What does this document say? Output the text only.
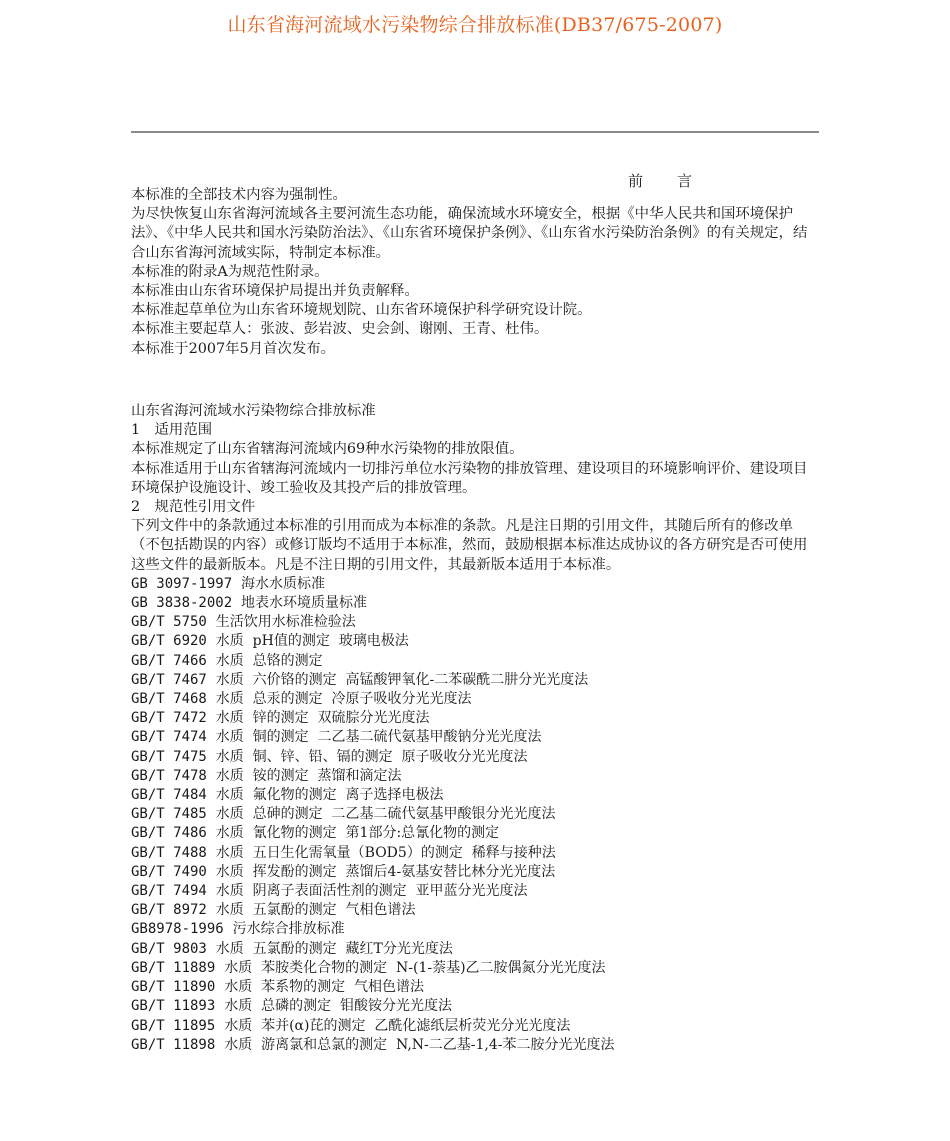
山东省海河流域水污染物综合排放标准(DB37/675-2007)
前 言

本标准的全部技术内容为强制性。

为尽快恢复山东省海河流域各主要河流生态功能，确保流域水环境安全，根据《中华人民共和国环境保护法》、《中华人民共和国水污染防治法》、《山东省环境保护条例》、《山东省水污染防治条例》的有关规定，结合山东省海河流域实际，特制定本标准。

本标准的附录A为规范性附录。

本标准由山东省环境保护局提出并负责解释。

本标准起草单位为山东省环境规划院、山东省环境保护科学研究设计院。

本标准主要起草人：张波、彭岩波、史会剑、谢刚、王青、杜伟。

本标准于2007年5月首次发布。

山东省海河流域水污染物综合排放标准

1　适用范围

本标准规定了山东省辖海河流域内69种水污染物的排放限值。

本标准适用于山东省辖海河流域内一切排污单位水污染物的排放管理、建设项目的环境影响评价、建设项目环境保护设施设计、竣工验收及其投产后的排放管理。

2　规范性引用文件

下列文件中的条款通过本标准的引用而成为本标准的条款。凡是注日期的引用文件，其随后所有的修改单（不包括勘误的内容）或修订版均不适用于本标准，然而，鼓励根据本标准达成协议的各方研究是否可使用这些文件的最新版本。凡是不注日期的引用文件，其最新版本适用于本标准。

GB 3097-1997  海水水质标准

GB 3838-2002  地表水环境质量标准

GB/T 5750  生活饮用水标准检验法

GB/T 6920  水质  pH值的测定  玻璃电极法

GB/T 7466  水质  总铬的测定

GB/T 7467  水质  六价铬的测定  高锰酸钾氧化-二苯碳酰二肼分光光度法

GB/T 7468  水质  总汞的测定  冷原子吸收分光光度法

GB/T 7472  水质  锌的测定  双硫腙分光光度法

GB/T 7474  水质  铜的测定  二乙基二硫代氨基甲酸钠分光光度法

GB/T 7475  水质  铜、锌、铅、镉的测定  原子吸收分光光度法

GB/T 7478  水质  铵的测定  蒸馏和滴定法

GB/T 7484  水质  氟化物的测定  离子选择电极法

GB/T 7485  水质  总砷的测定  二乙基二硫代氨基甲酸银分光光度法

GB/T 7486  水质  氰化物的测定  第1部分:总氰化物的测定

GB/T 7488  水质  五日生化需氧量（BOD5）的测定  稀释与接种法

GB/T 7490  水质  挥发酚的测定  蒸馏后4-氨基安替比林分光光度法

GB/T 7494  水质  阴离子表面活性剂的测定  亚甲蓝分光光度法

GB/T 8972  水质  五氯酚的测定  气相色谱法

GB8978-1996  污水综合排放标准

GB/T 9803  水质  五氯酚的测定  藏红T分光光度法

GB/T 11889  水质  苯胺类化合物的测定  N-(1-萘基)乙二胺偶氮分光光度法

GB/T 11890  水质  苯系物的测定  气相色谱法

GB/T 11893  水质  总磷的测定  钼酸铵分光光度法

GB/T 11895  水质  苯并(α)芘的测定  乙酰化滤纸层析荧光分光光度法

GB/T 11898  水质  游离氯和总氯的测定  N,N-二乙基-1,4-苯二胺分光光度法
